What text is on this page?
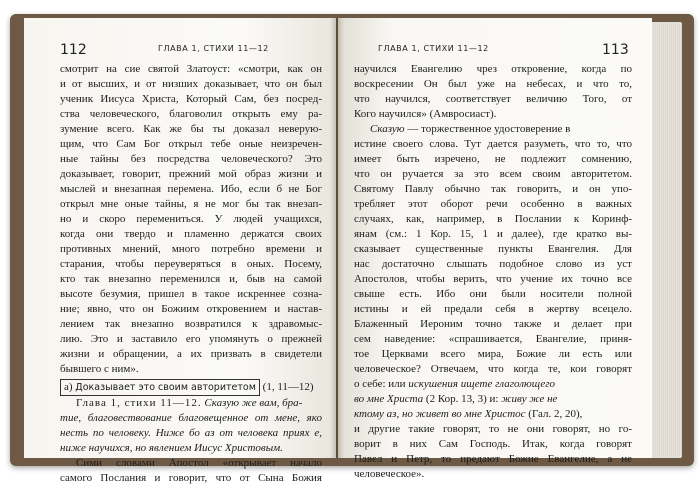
112	ГЛАВА 1, СТИХИ 11—12
смотрит на сие святой Златоуст: «смотри, как он
и от высших, и от низших доказывает, что он был
ученик Иисуса Христа, Который Сам, без посред-
ства человеческого, благоволил открыть ему ра-
зумение всего. Как же бы ты доказал неверую-
щим, что Сам Бог открыл тебе оные неизречен-
ные тайны без посредства человеческого? Это
доказывает, говорит, прежний мой образ жизни и
мыслей и внезапная перемена. Ибо, если б не Бог
открыл мне оные тайны, я не мог бы так внезап-
но и скоро перемениться. У людей учащихся,
когда они твердо и пламенно держатся своих
противных мнений, много потребно времени и
старания, чтобы переуверяться в оных. Посему,
кто так внезапно переменился и, быв на самой
высоте безумия, пришел в такое искреннее сознa-
ние; явно, что он Божиим откровением и настав-
лением так внезапно возвратился к здравомыс-
лию. Это и заставило его упомянуть о прежней
жизни и обращении, а их призвать в свидетели
бывшего с ним».
а) Доказывает это своим авторитетом (1, 11—12)
Глава 1, стихи 11—12. Сказую же вам, бра-
тие, благовествование благовещенное от мене, яко
несть по человеку. Ниже бо аз от человека приях е,
ниже научихся, но явлением Иисус Христовым.
Сими словами Апостол «открывает начало
самого Послания и говорит, что от Сына Божия
ГЛАВА 1, СТИХИ 11—12	113
научился Евангелию чрез откровение, когда по
воскресении Он был уже на небесах, и что то,
что научился, соответствует величию Того, от
Кого научился» (Амвросиаст).
Сказую — торжественное удостоверение в
истине своего слова. Тут дается разуметь, что то, что
имеет быть изречено, не подлежит сомнению,
что он ручается за это всем своим авторитетом.
Святому Павлу обычно так говорить, и он упо-
требляет этот оборот речи особенно в важных
случаях, как, например, в Послании к Коринф-
янам (см.: 1 Кор. 15, 1 и далее), где кратко вы-
сказывает существенные пункты Евангелия. Для
нас достаточно слышать подобное слово из уст
Апостолов, чтобы верить, что учение их точно все
свыше есть. Ибо они были носители полной
истины и ей предали себя в жертву всецело.
Блаженный Иероним точно также и делает при
сем наведение: «спрашивается, Евангелие, приня-
тое Церквами всего мира, Божие ли есть или
человеческое? Отвечаем, что когда те, кои говорят
о себе: или искушения ищете глаголющего
во мне Христа (2 Кор. 13, 3) и: живу же не
ктому аз, но живет во мне Христос (Гал. 2, 20),
и другие такие говорят, то не они говорят, но го-
ворит в них Сам Господь. Итак, когда говорят
Павел и Петр, то предают Божие Евангелие, а не
человеческое».
